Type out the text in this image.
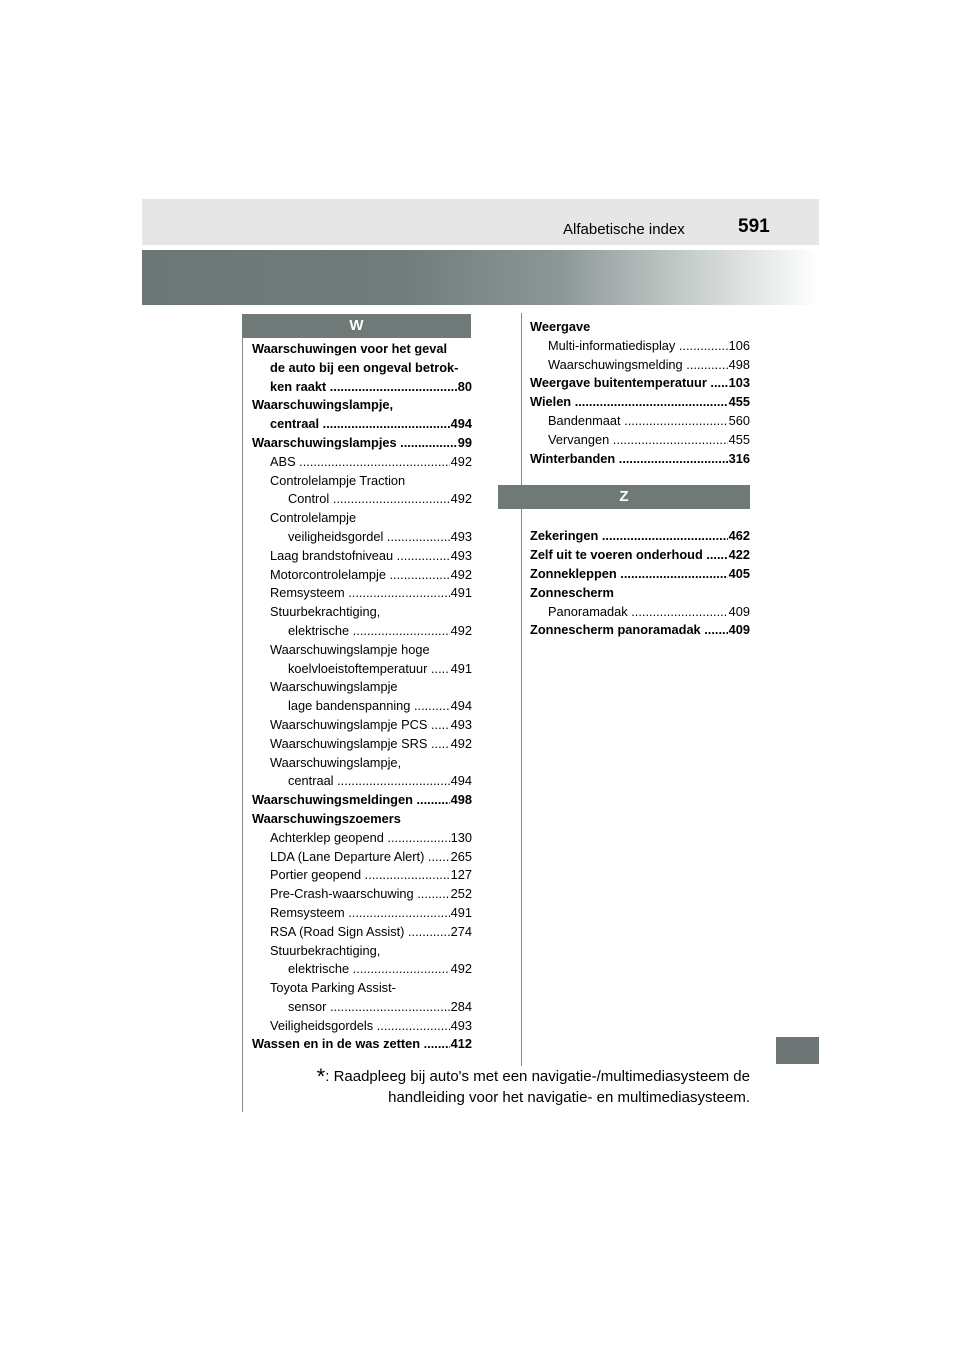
Alfabetische index	591
W
Z
Waarschuwingen voor het geval
de auto bij een ongeval betrok-
ken raakt .....	80
Waarschuwingslampje,
centraal .....	494
Waarschuwingslampjes .....	99
ABS .....	492
Controlelampje Traction
Control .....	492
Controlelampje
veiligheidsgordel .....	493
Laag brandstofniveau .....	493
Motorcontrolelampje .....	492
Remsysteem .....	491
Stuurbekrachtiging,
elektrische .....	492
Waarschuwingslampje hoge
koelvloeistoftemperatuur ..... 491
Waarschuwingslampje
lage bandenspanning .....	494
Waarschuwingslampje PCS ..... 493
Waarschuwingslampje SRS ..... 492
Waarschuwingslampje,
centraal .....	494
Waarschuwingsmeldingen .....	498
Waarschuwingszoemers
Achterklep geopend .....	130
LDA (Lane Departure Alert) ..... 265
Portier geopend .....	127
Pre-Crash-waarschuwing .....	252
Remsysteem .....	491
RSA (Road Sign Assist) .....	274
Stuurbekrachtiging,
elektrische .....	492
Toyota Parking Assist-
sensor .....	284
Veiligheidsgordels .....	493
Wassen en in de was zetten ..... 412
Weergave
Multi-informatiedisplay .....	106
Waarschuwingsmelding .....	498
Weergave buitentemperatuur ..... 103
Wielen .....	455
Bandenmaat .....	560
Vervangen .....	455
Winterbanden .....	316
Zekeringen .....	462
Zelf uit te voeren onderhoud ..... 422
Zonnekleppen .....	405
Zonnescherm
Panoramadak .....	409
Zonnescherm panoramadak ..... 409
*: Raadpleeg bij auto's met een navigatie-/multimediasysteem de
handleiding voor het navigatie- en multimediasysteem.
